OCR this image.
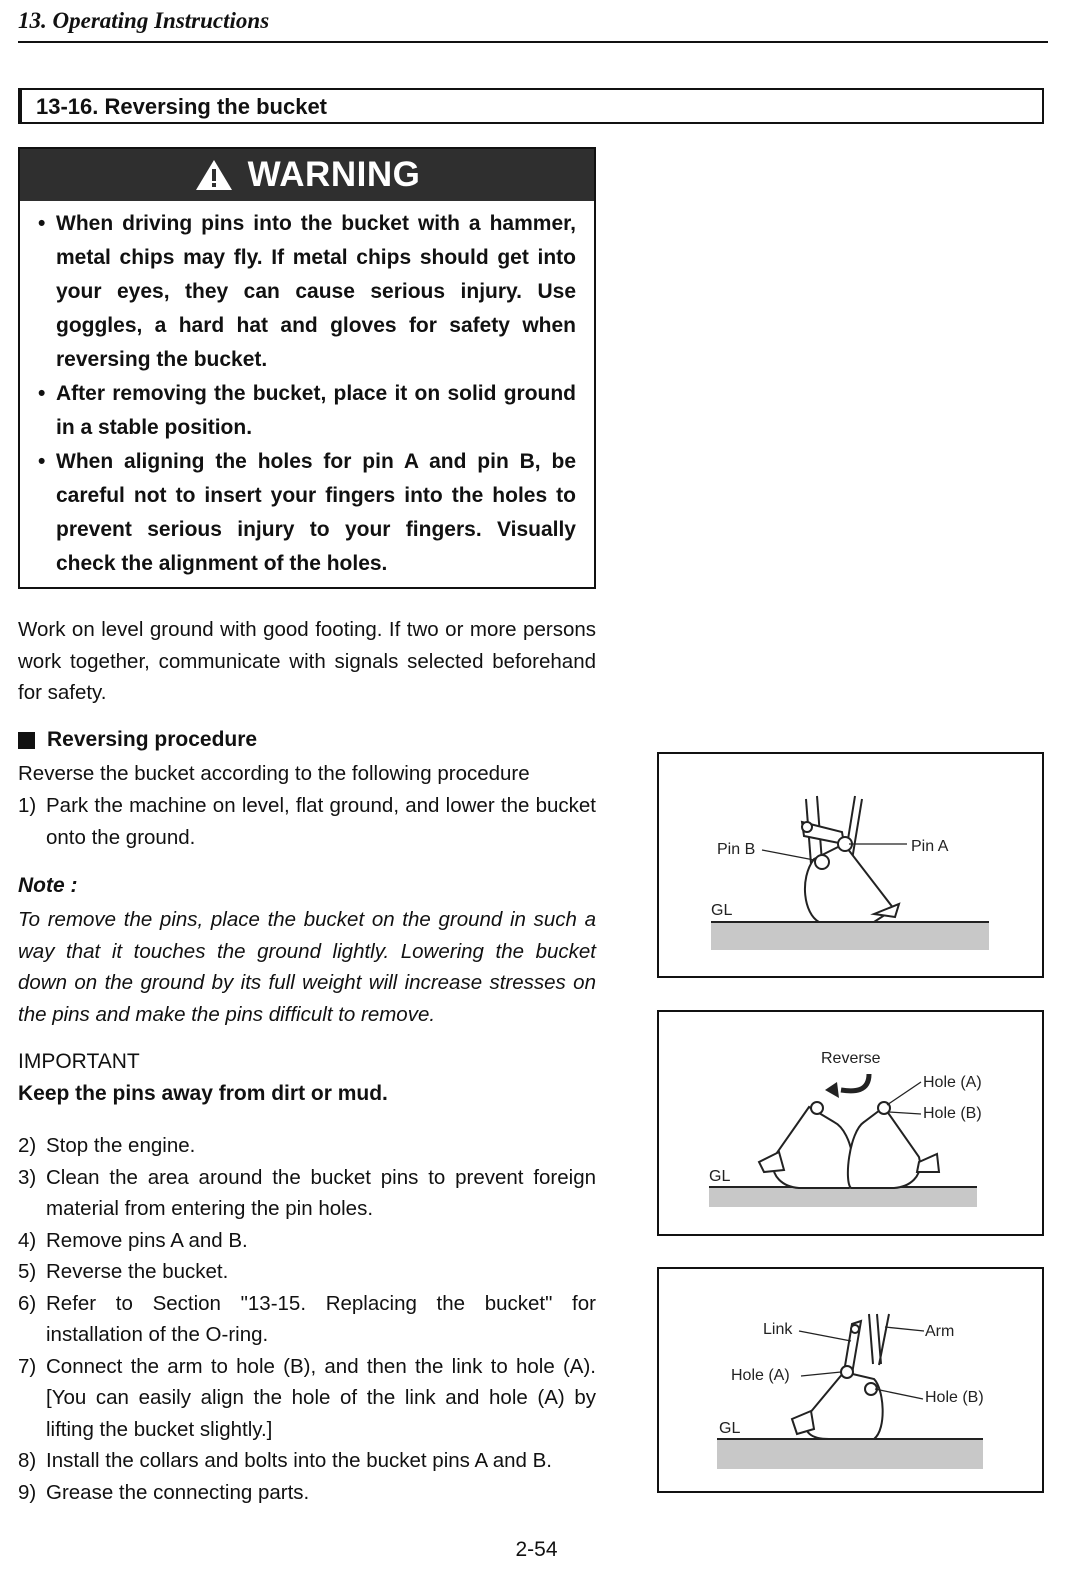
13. Operating Instructions
13-16. Reversing the bucket
WARNING
• When driving pins into the bucket with a hammer, metal chips may fly. If metal chips should get into your eyes, they can cause serious injury. Use goggles, a hard hat and gloves for safety when reversing the bucket.
• After removing the bucket, place it on solid ground in a stable position.
• When aligning the holes for pin A and pin B, be careful not to insert your fingers into the holes to prevent serious injury to your fingers. Visually check the alignment of the holes.
Work on level ground with good footing. If two or more persons work together, communicate with signals selected beforehand for safety.
Reversing procedure
Reverse the bucket according to the following procedure
1) Park the machine on level, flat ground, and lower the bucket onto the ground.
Note :
To remove the pins, place the bucket on the ground in such a way that it touches the ground lightly. Lowering the bucket down on the ground by its full weight will increase stresses on the pins and make the pins difficult to remove.
IMPORTANT
Keep the pins away from dirt or mud.
2) Stop the engine.
3) Clean the area around the bucket pins to prevent foreign material from entering the pin holes.
4) Remove pins A and B.
5) Reverse the bucket.
6) Refer to Section "13-15. Replacing the bucket" for installation of the O-ring.
7) Connect the arm to hole (B), and then the link to hole (A). [You can easily align the hole of the link and hole (A) by lifting the bucket slightly.]
8) Install the collars and bolts into the bucket pins A and B.
9) Grease the connecting parts.
Pin B	Pin A
GL
Reverse
Hole (A)
Hole (B)
GL
Link	Arm
Hole (A)
Hole (B)
GL
2-54
